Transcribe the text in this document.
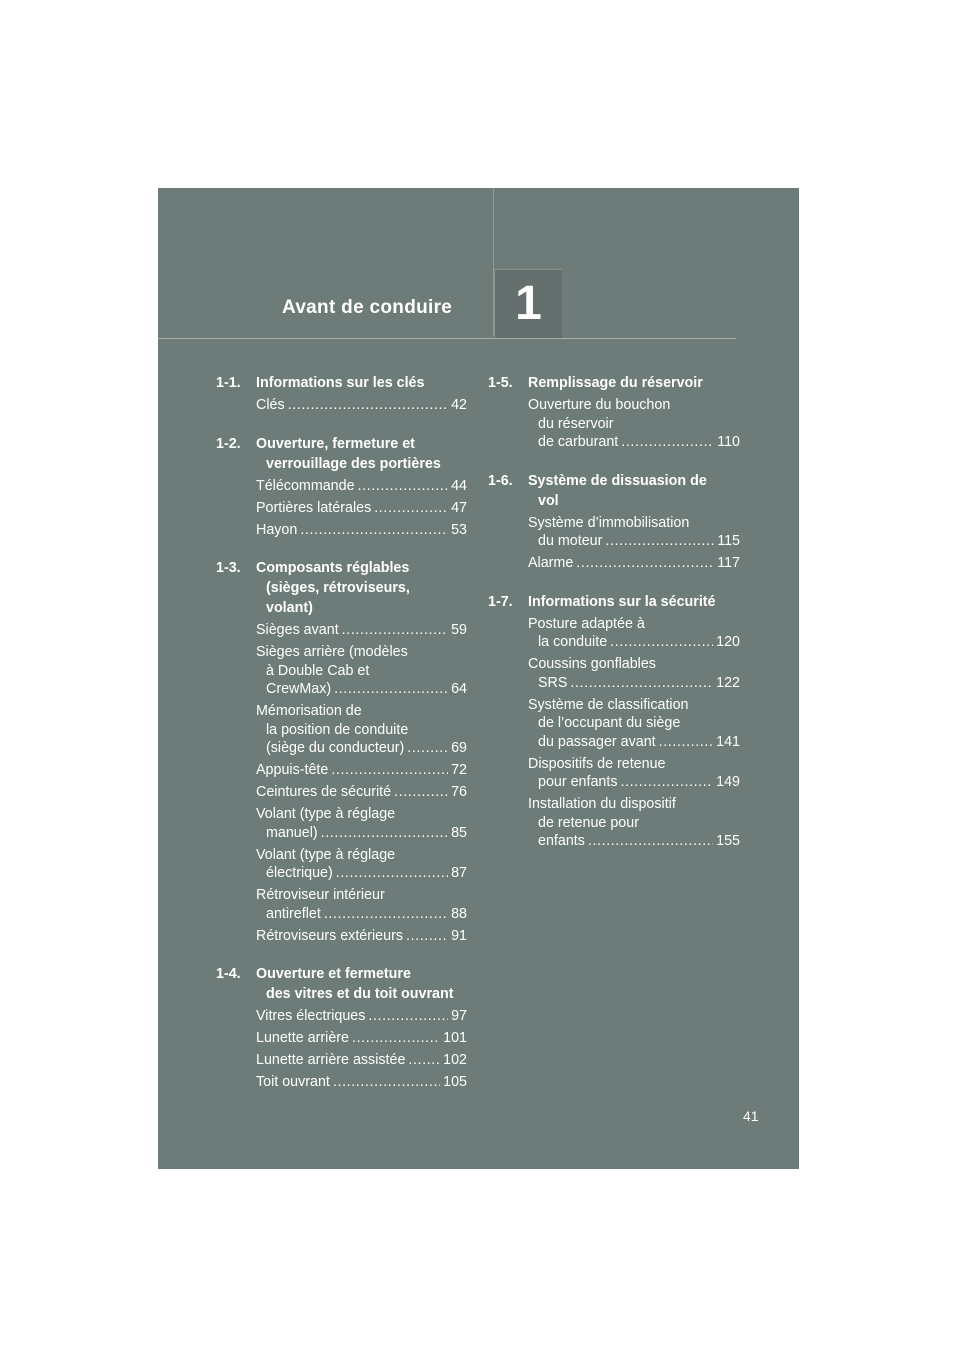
Avant de conduire	1
1-1.	Informations sur les clés
Clés .....	42
1-2.	Ouverture, fermeture et
verrouillage des portières
Télécommande .....	44
Portières latérales .....	47
Hayon .....	53
1-3.	Composants réglables
(sièges, rétroviseurs,
volant)
Sièges avant .....	59
Sièges arrière (modèles
à Double Cab et
CrewMax) .....	64
Mémorisation de
la position de conduite
(siège du conducteur) .....	69
Appuis-tête .....	72
Ceintures de sécurité .....	76
Volant (type à réglage
manuel) .....	85
Volant (type à réglage
électrique) .....	87
Rétroviseur intérieur
antireflet .....	88
Rétroviseurs extérieurs .....	91
1-4.	Ouverture et fermeture
des vitres et du toit ouvrant
Vitres électriques .....	97
Lunette arrière .....	101
Lunette arrière assistée .....	102
Toit ouvrant .....	105
1-5.	Remplissage du réservoir
Ouverture du bouchon
du réservoir
de carburant .....	110
1-6.	Système de dissuasion de
vol
Système d’immobilisation
du moteur .....	115
Alarme .....	117
1-7.	Informations sur la sécurité
Posture adaptée à
la conduite .....	120
Coussins gonflables
SRS .....	122
Système de classification
de l’occupant du siège
du passager avant .....	141
Dispositifs de retenue
pour enfants .....	149
Installation du dispositif
de retenue pour
enfants .....	155
41
